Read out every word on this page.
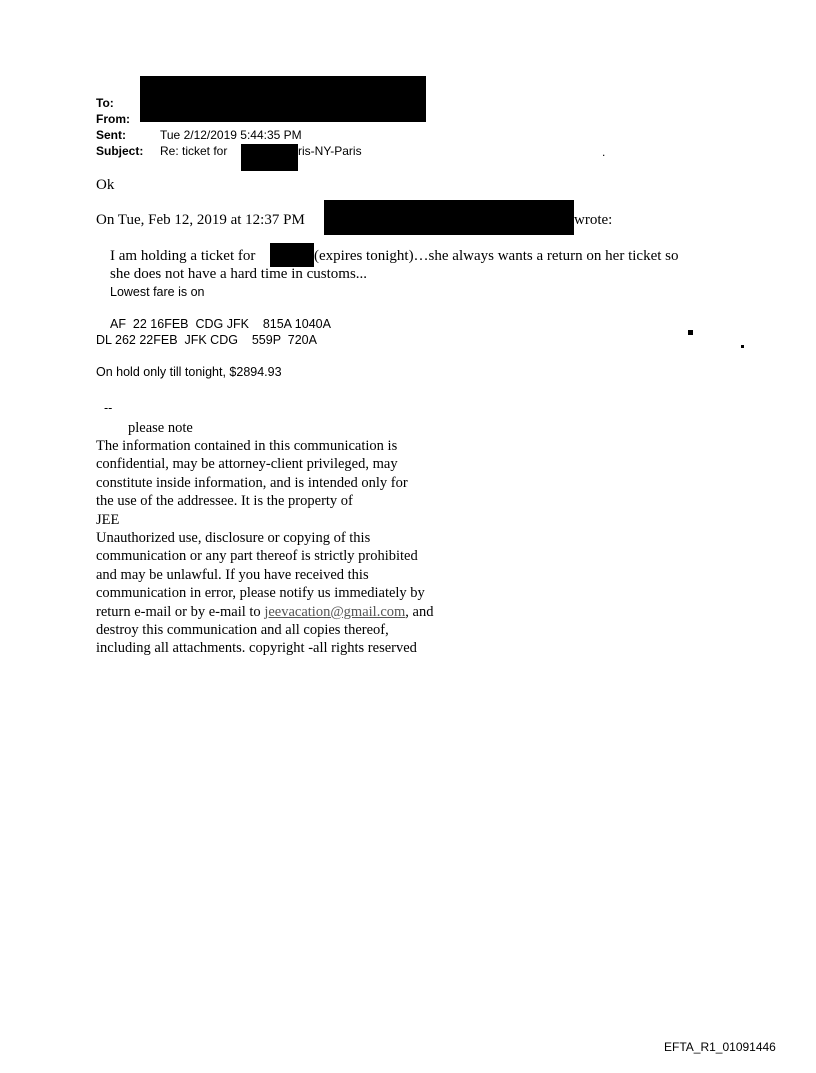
To:
From:
Sent:	Tue 2/12/2019 5:44:35 PM
Subject: Re: ticket for	ris-NY-Paris	.
Ok
On Tue, Feb 12, 2019 at 12:37 PM	wrote:
I am holding a ticket for	(expires tonight)…she always wants a return on her ticket so
she does not have a hard time in customs...
Lowest fare is on
AF  22 16FEB  CDG JFK    815A 1040A
DL 262 22FEB  JFK CDG    559P  720A
On hold only till tonight, $2894.93
--
please note
The information contained in this communication is
confidential, may be attorney-client privileged, may
constitute inside information, and is intended only for
the use of the addressee. It is the property of
JEE
Unauthorized use, disclosure or copying of this
communication or any part thereof is strictly prohibited
and may be unlawful. If you have received this
communication in error, please notify us immediately by
return e-mail or by e-mail to jeevacation@gmail.com, and
destroy this communication and all copies thereof,
including all attachments. copyright -all rights reserved
EFTA_R1_01091446
